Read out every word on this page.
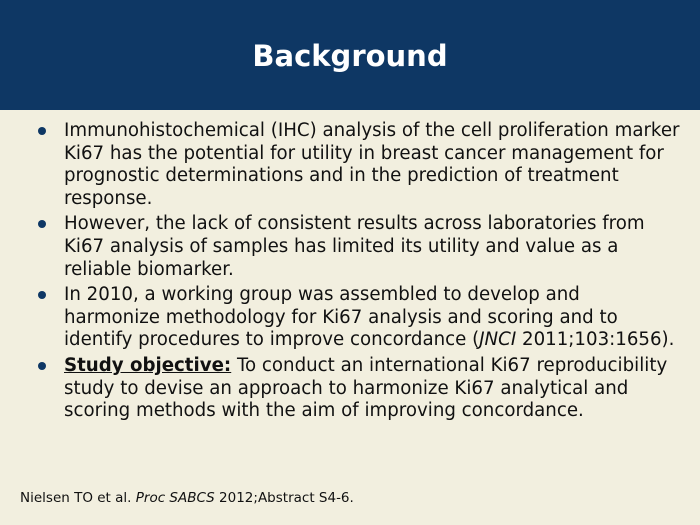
Background
Immunohistochemical (IHC) analysis of the cell proliferation marker Ki67 has the potential for utility in breast cancer management for prognostic determinations and in the prediction of treatment response.
However, the lack of consistent results across laboratories from Ki67 analysis of samples has limited its utility and value as a reliable biomarker.
In 2010, a working group was assembled to develop and harmonize methodology for Ki67 analysis and scoring and to identify procedures to improve concordance (JNCI 2011;103:1656).
Study objective: To conduct an international Ki67 reproducibility study to devise an approach to harmonize Ki67 analytical and scoring methods with the aim of improving concordance.

Nielsen TO et al. Proc SABCS 2012;Abstract S4-6.
